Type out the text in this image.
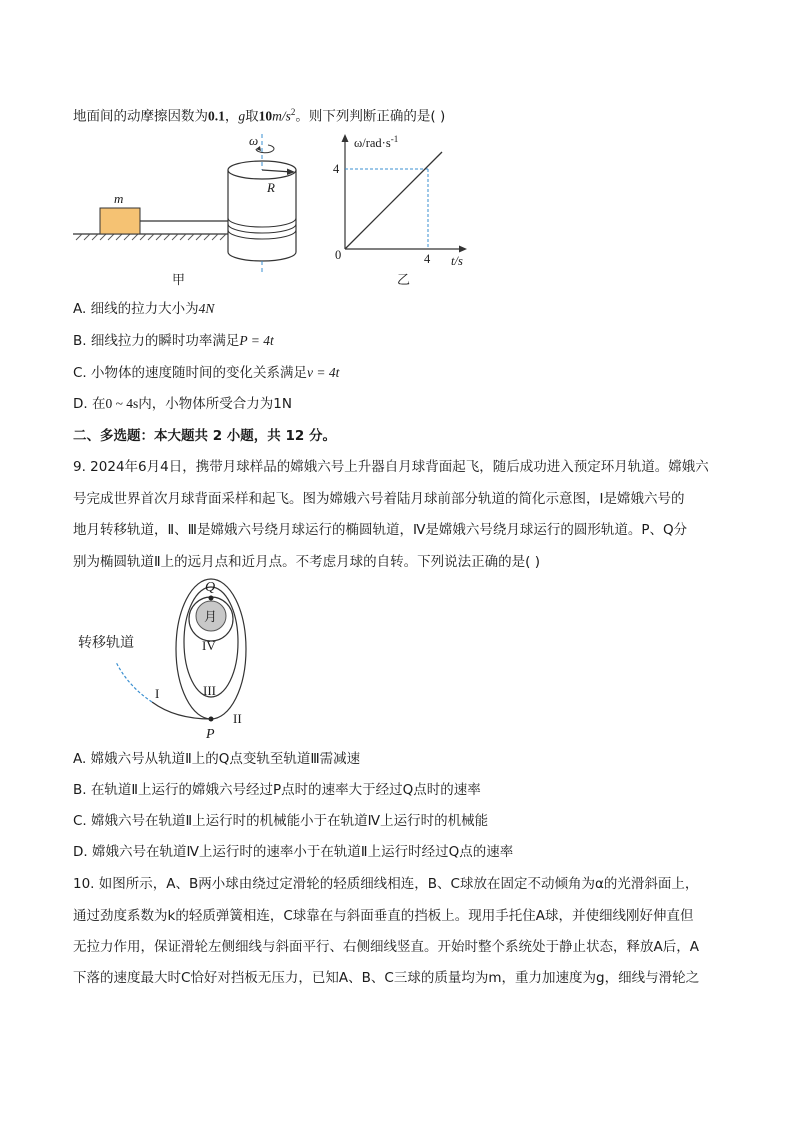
地面间的动摩擦因数为0.1，g取$10m/s^2$。则下列判断正确的是( )
m
ω
R
甲
$\omega/rad\cdot s^{-1}$
4
0	4 t/s
乙
A. 细线的拉力大小为4N
B. 细线拉力的瞬时功率满足P = 4t
C. 小物体的速度随时间的变化关系满足v = 4t
D. 在0 ~ 4s内，小物体所受合力为1N
二、多选题：本大题共 2 小题，共 12 分。
9. 2024年6月4日，携带月球样品的嫦娥六号上升器自月球背面起飞，随后成功进入预定环月轨道。嫦娥六
号完成世界首次月球背面采样和起飞。图为嫦娥六号着陆月球前部分轨道的简化示意图，Ⅰ是嫦娥六号的
地月转移轨道，Ⅱ、Ⅲ是嫦娥六号绕月球运行的椭圆轨道，Ⅳ是嫦娥六号绕月球运行的圆形轨道。P、Q分
别为椭圆轨道Ⅱ上的远月点和近月点。不考虑月球的自转。下列说法正确的是( )
月
Q
P
IV
III
II
I
转移轨道
A. 嫦娥六号从轨道Ⅱ上的Q点变轨至轨道Ⅲ需减速
B. 在轨道Ⅱ上运行的嫦娥六号经过P点时的速率大于经过Q点时的速率
C. 嫦娥六号在轨道Ⅱ上运行时的机械能小于在轨道Ⅳ上运行时的机械能
D. 嫦娥六号在轨道Ⅳ上运行时的速率小于在轨道Ⅱ上运行时经过Q点的速率
10. 如图所示，A、B两小球由绕过定滑轮的轻质细线相连，B、C球放在固定不动倾角为α的光滑斜面上，
通过劲度系数为k的轻质弹簧相连，C球靠在与斜面垂直的挡板上。现用手托住A球，并使细线刚好伸直但
无拉力作用，保证滑轮左侧细线与斜面平行、右侧细线竖直。开始时整个系统处于静止状态，释放A后，A
下落的速度最大时C恰好对挡板无压力，已知A、B、C三球的质量均为m，重力加速度为g，细线与滑轮之
